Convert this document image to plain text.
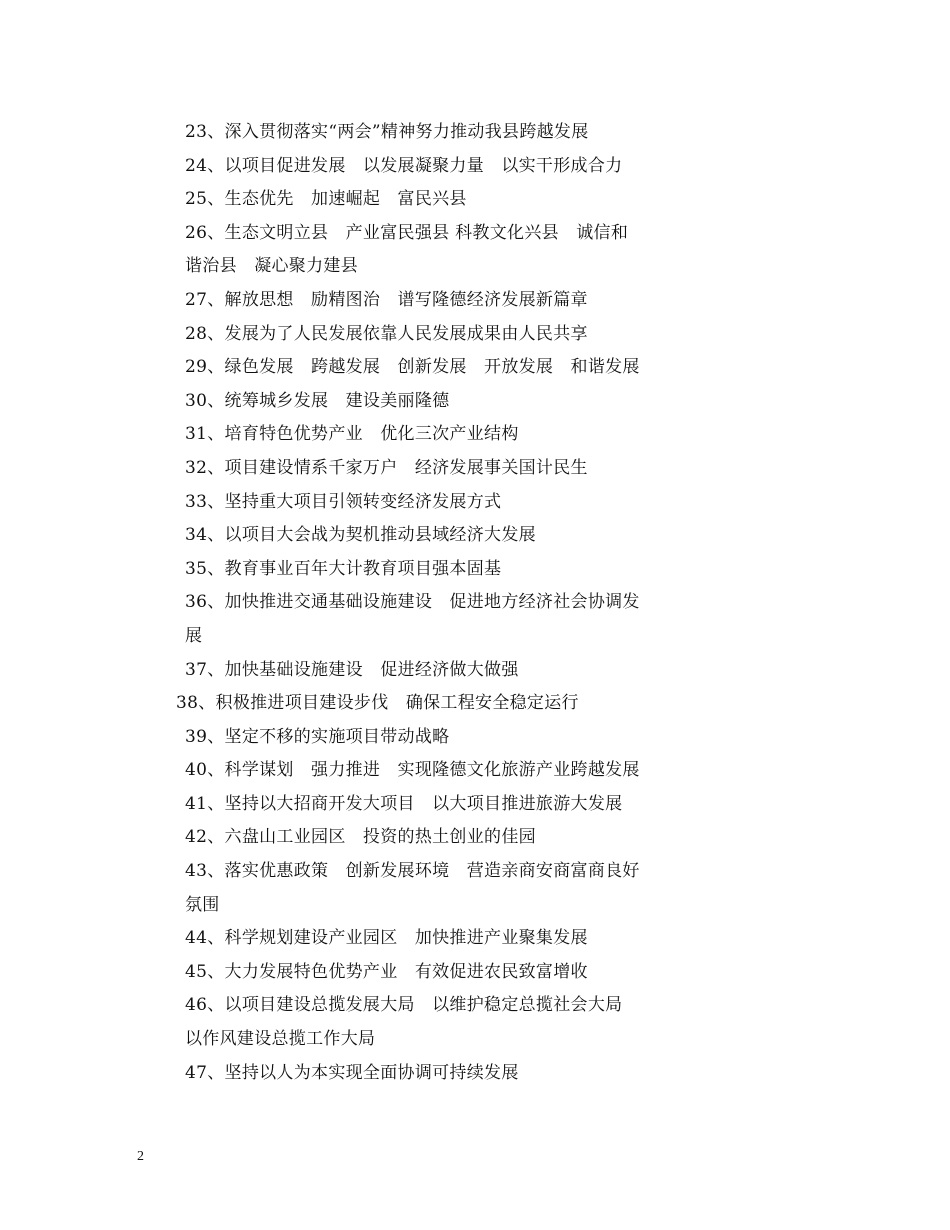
23、深入贯彻落实“两会”精神努力推动我县跨越发展
24、以项目促进发展　以发展凝聚力量　以实干形成合力
25、生态优先　加速崛起　富民兴县
26、生态文明立县　产业富民强县 科教文化兴县　诚信和
谐治县　凝心聚力建县
27、解放思想　励精图治　谱写隆德经济发展新篇章
28、发展为了人民发展依靠人民发展成果由人民共享
29、绿色发展　跨越发展　创新发展　开放发展　和谐发展
30、统筹城乡发展　建设美丽隆德
31、培育特色优势产业　优化三次产业结构
32、项目建设情系千家万户　经济发展事关国计民生
33、坚持重大项目引领转变经济发展方式
34、以项目大会战为契机推动县域经济大发展
35、教育事业百年大计教育项目强本固基
36、加快推进交通基础设施建设　促进地方经济社会协调发
展
37、加快基础设施建设　促进经济做大做强
38、积极推进项目建设步伐　确保工程安全稳定运行
39、坚定不移的实施项目带动战略
40、科学谋划　强力推进　实现隆德文化旅游产业跨越发展
41、坚持以大招商开发大项目　以大项目推进旅游大发展
42、六盘山工业园区　投资的热土创业的佳园
43、落实优惠政策　创新发展环境　营造亲商安商富商良好
氛围
44、科学规划建设产业园区　加快推进产业聚集发展
45、大力发展特色优势产业　有效促进农民致富增收
46、以项目建设总揽发展大局　以维护稳定总揽社会大局
以作风建设总揽工作大局
47、坚持以人为本实现全面协调可持续发展
2
